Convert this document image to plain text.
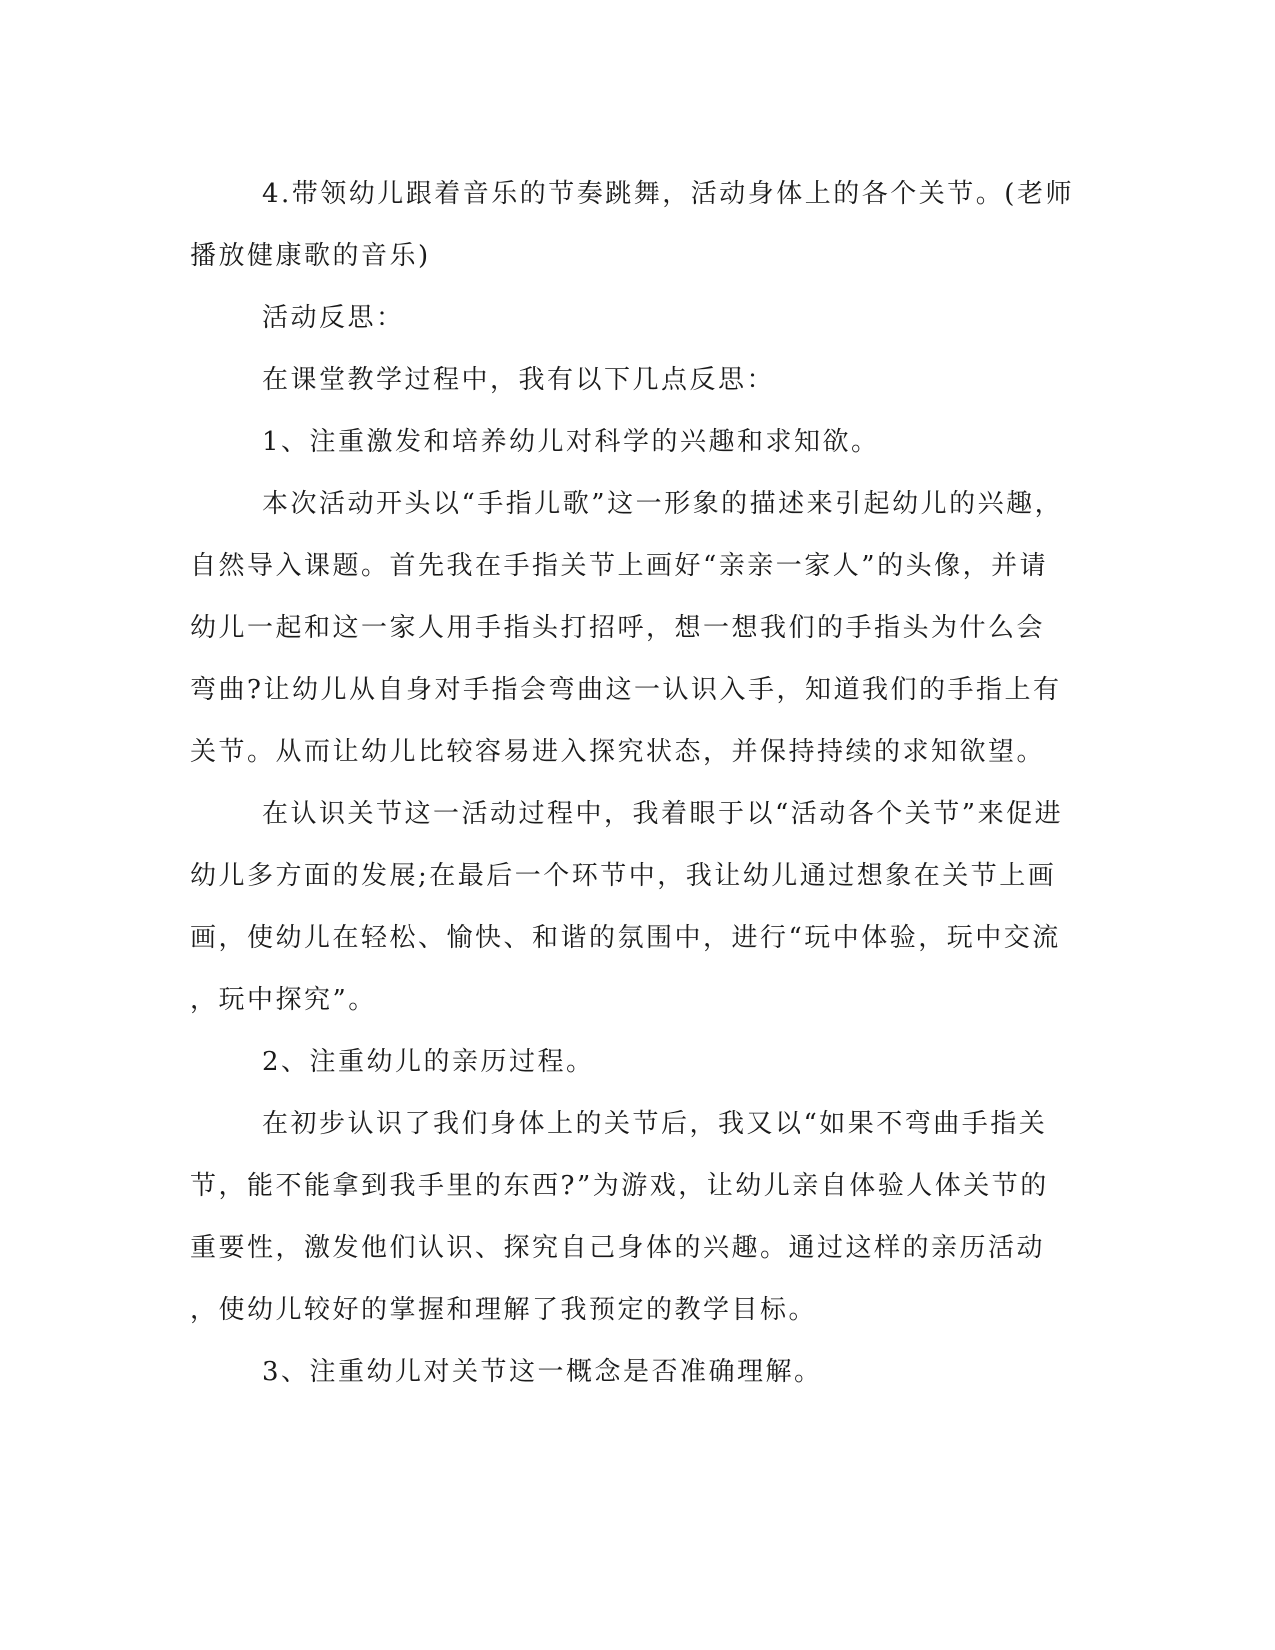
4.带领幼儿跟着音乐的节奏跳舞，活动身体上的各个关节。(老师
播放健康歌的音乐)
活动反思：
在课堂教学过程中，我有以下几点反思：
1、注重激发和培养幼儿对科学的兴趣和求知欲。
本次活动开头以“手指儿歌”这一形象的描述来引起幼儿的兴趣，
自然导入课题。首先我在手指关节上画好“亲亲一家人”的头像，并请
幼儿一起和这一家人用手指头打招呼，想一想我们的手指头为什么会
弯曲?让幼儿从自身对手指会弯曲这一认识入手，知道我们的手指上有
关节。从而让幼儿比较容易进入探究状态，并保持持续的求知欲望。
在认识关节这一活动过程中，我着眼于以“活动各个关节”来促进
幼儿多方面的发展;在最后一个环节中，我让幼儿通过想象在关节上画
画，使幼儿在轻松、愉快、和谐的氛围中，进行“玩中体验，玩中交流
，玩中探究”。
2、注重幼儿的亲历过程。
在初步认识了我们身体上的关节后，我又以“如果不弯曲手指关
节，能不能拿到我手里的东西?”为游戏，让幼儿亲自体验人体关节的
重要性，激发他们认识、探究自己身体的兴趣。通过这样的亲历活动
，使幼儿较好的掌握和理解了我预定的教学目标。
3、注重幼儿对关节这一概念是否准确理解。
